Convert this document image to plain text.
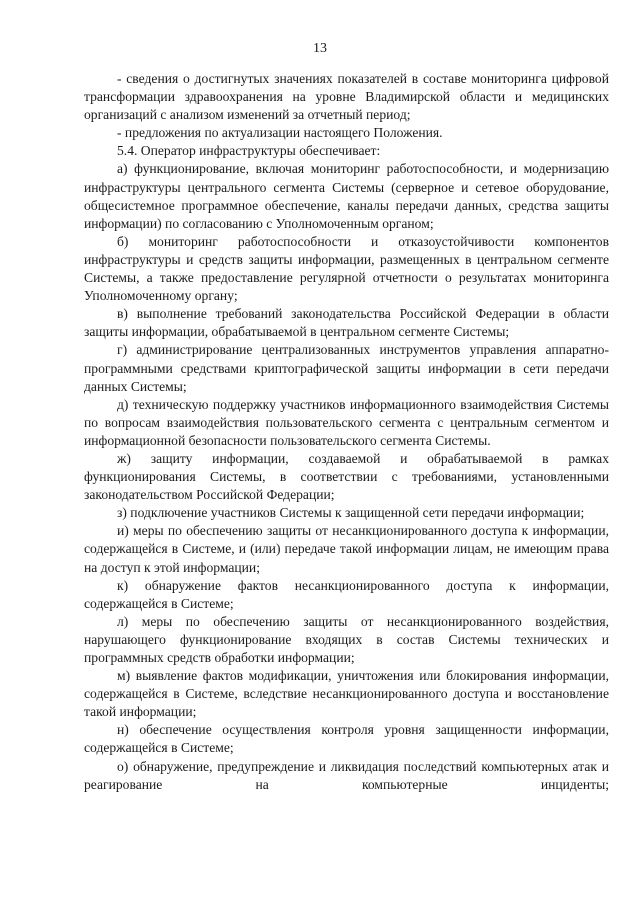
13

- сведения о достигнутых значениях показателей в составе мониторинга цифровой трансформации здравоохранения на уровне Владимирской области и медицинских организаций с анализом изменений за отчетный период;

- предложения по актуализации настоящего Положения.

5.4. Оператор инфраструктуры обеспечивает:

а) функционирование, включая мониторинг работоспособности, и модернизацию инфраструктуры центрального сегмента Системы (серверное и сетевое оборудование, общесистемное программное обеспечение, каналы передачи данных, средства защиты информации) по согласованию с Уполномоченным органом;

б) мониторинг работоспособности и отказоустойчивости компонентов инфраструктуры и средств защиты информации, размещенных в центральном сегменте Системы, а также предоставление регулярной отчетности о результатах мониторинга Уполномоченному органу;

в) выполнение требований законодательства Российской Федерации в области защиты информации, обрабатываемой в центральном сегменте Системы;

г) администрирование централизованных инструментов управления аппаратно-программными средствами криптографической защиты информации в сети передачи данных Системы;

д) техническую поддержку участников информационного взаимодействия Системы по вопросам взаимодействия пользовательского сегмента с центральным сегментом и информационной безопасности пользовательского сегмента Системы.

ж) защиту информации, создаваемой и обрабатываемой в рамках функционирования Системы, в соответствии с требованиями, установленными законодательством Российской Федерации;

з) подключение участников Системы к защищенной сети передачи информации;

и) меры по обеспечению защиты от несанкционированного доступа к информации, содержащейся в Системе, и (или) передаче такой информации лицам, не имеющим права на доступ к этой информации;

к) обнаружение фактов несанкционированного доступа к информации, содержащейся в Системе;

л) меры по обеспечению защиты от несанкционированного воздействия, нарушающего функционирование входящих в состав Системы технических и программных средств обработки информации;

м) выявление фактов модификации, уничтожения или блокирования информации, содержащейся в Системе, вследствие несанкционированного доступа и восстановление такой информации;

н) обеспечение осуществления контроля уровня защищенности информации, содержащейся в Системе;

о) обнаружение, предупреждение и ликвидация последствий компьютерных атак и реагирование на компьютерные инциденты;
